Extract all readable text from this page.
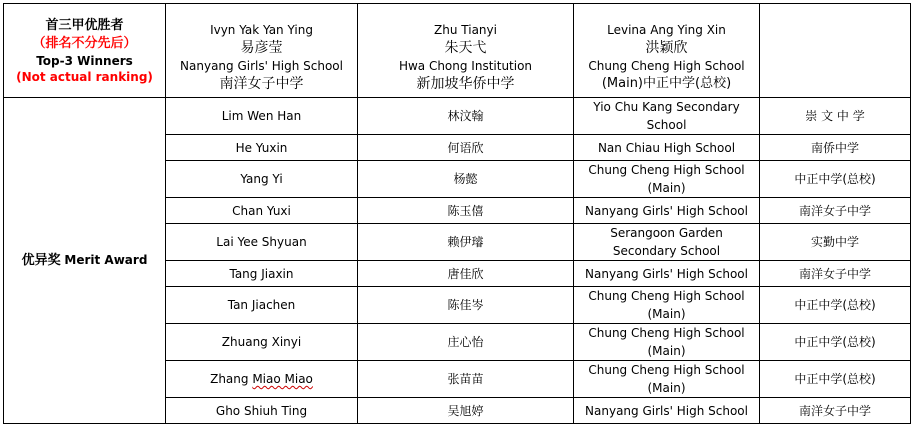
首三甲优胜者
（排名不分先后）
Top-3 Winners
(Not actual ranking)	Ivyn Yak Yan Ying
易彦莹
Nanyang Girls' High School
南洋女子中学	Zhu Tianyi
朱天弋
Hwa Chong Institution
新加坡华侨中学	Levina Ang Ying Xin
洪颖欣
Chung Cheng High School
(Main)中正中学(总校)	

优异奖 Merit Award	Lim Wen Han	林汶翰	Yio Chu Kang Secondary
School	崇 文 中 学
	He Yuxin	何语欣	Nan Chiau High School	南侨中学
	Yang Yi	杨懿	Chung Cheng High School
(Main)	中正中学(总校)
	Chan Yuxi	陈玉僖	Nanyang Girls' High School	南洋女子中学
	Lai Yee Shyuan	赖伊璿	Serangoon Garden
Secondary School	实勤中学
	Tang Jiaxin	唐佳欣	Nanyang Girls' High School	南洋女子中学
	Tan Jiachen	陈佳岑	Chung Cheng High School
(Main)	中正中学(总校)
	Zhuang Xinyi	庄心怡	Chung Cheng High School
(Main)	中正中学(总校)
	Zhang Miao Miao	张苗苗	Chung Cheng High School
(Main)	中正中学(总校)
	Gho Shiuh Ting	吴旭婷	Nanyang Girls' High School	南洋女子中学
